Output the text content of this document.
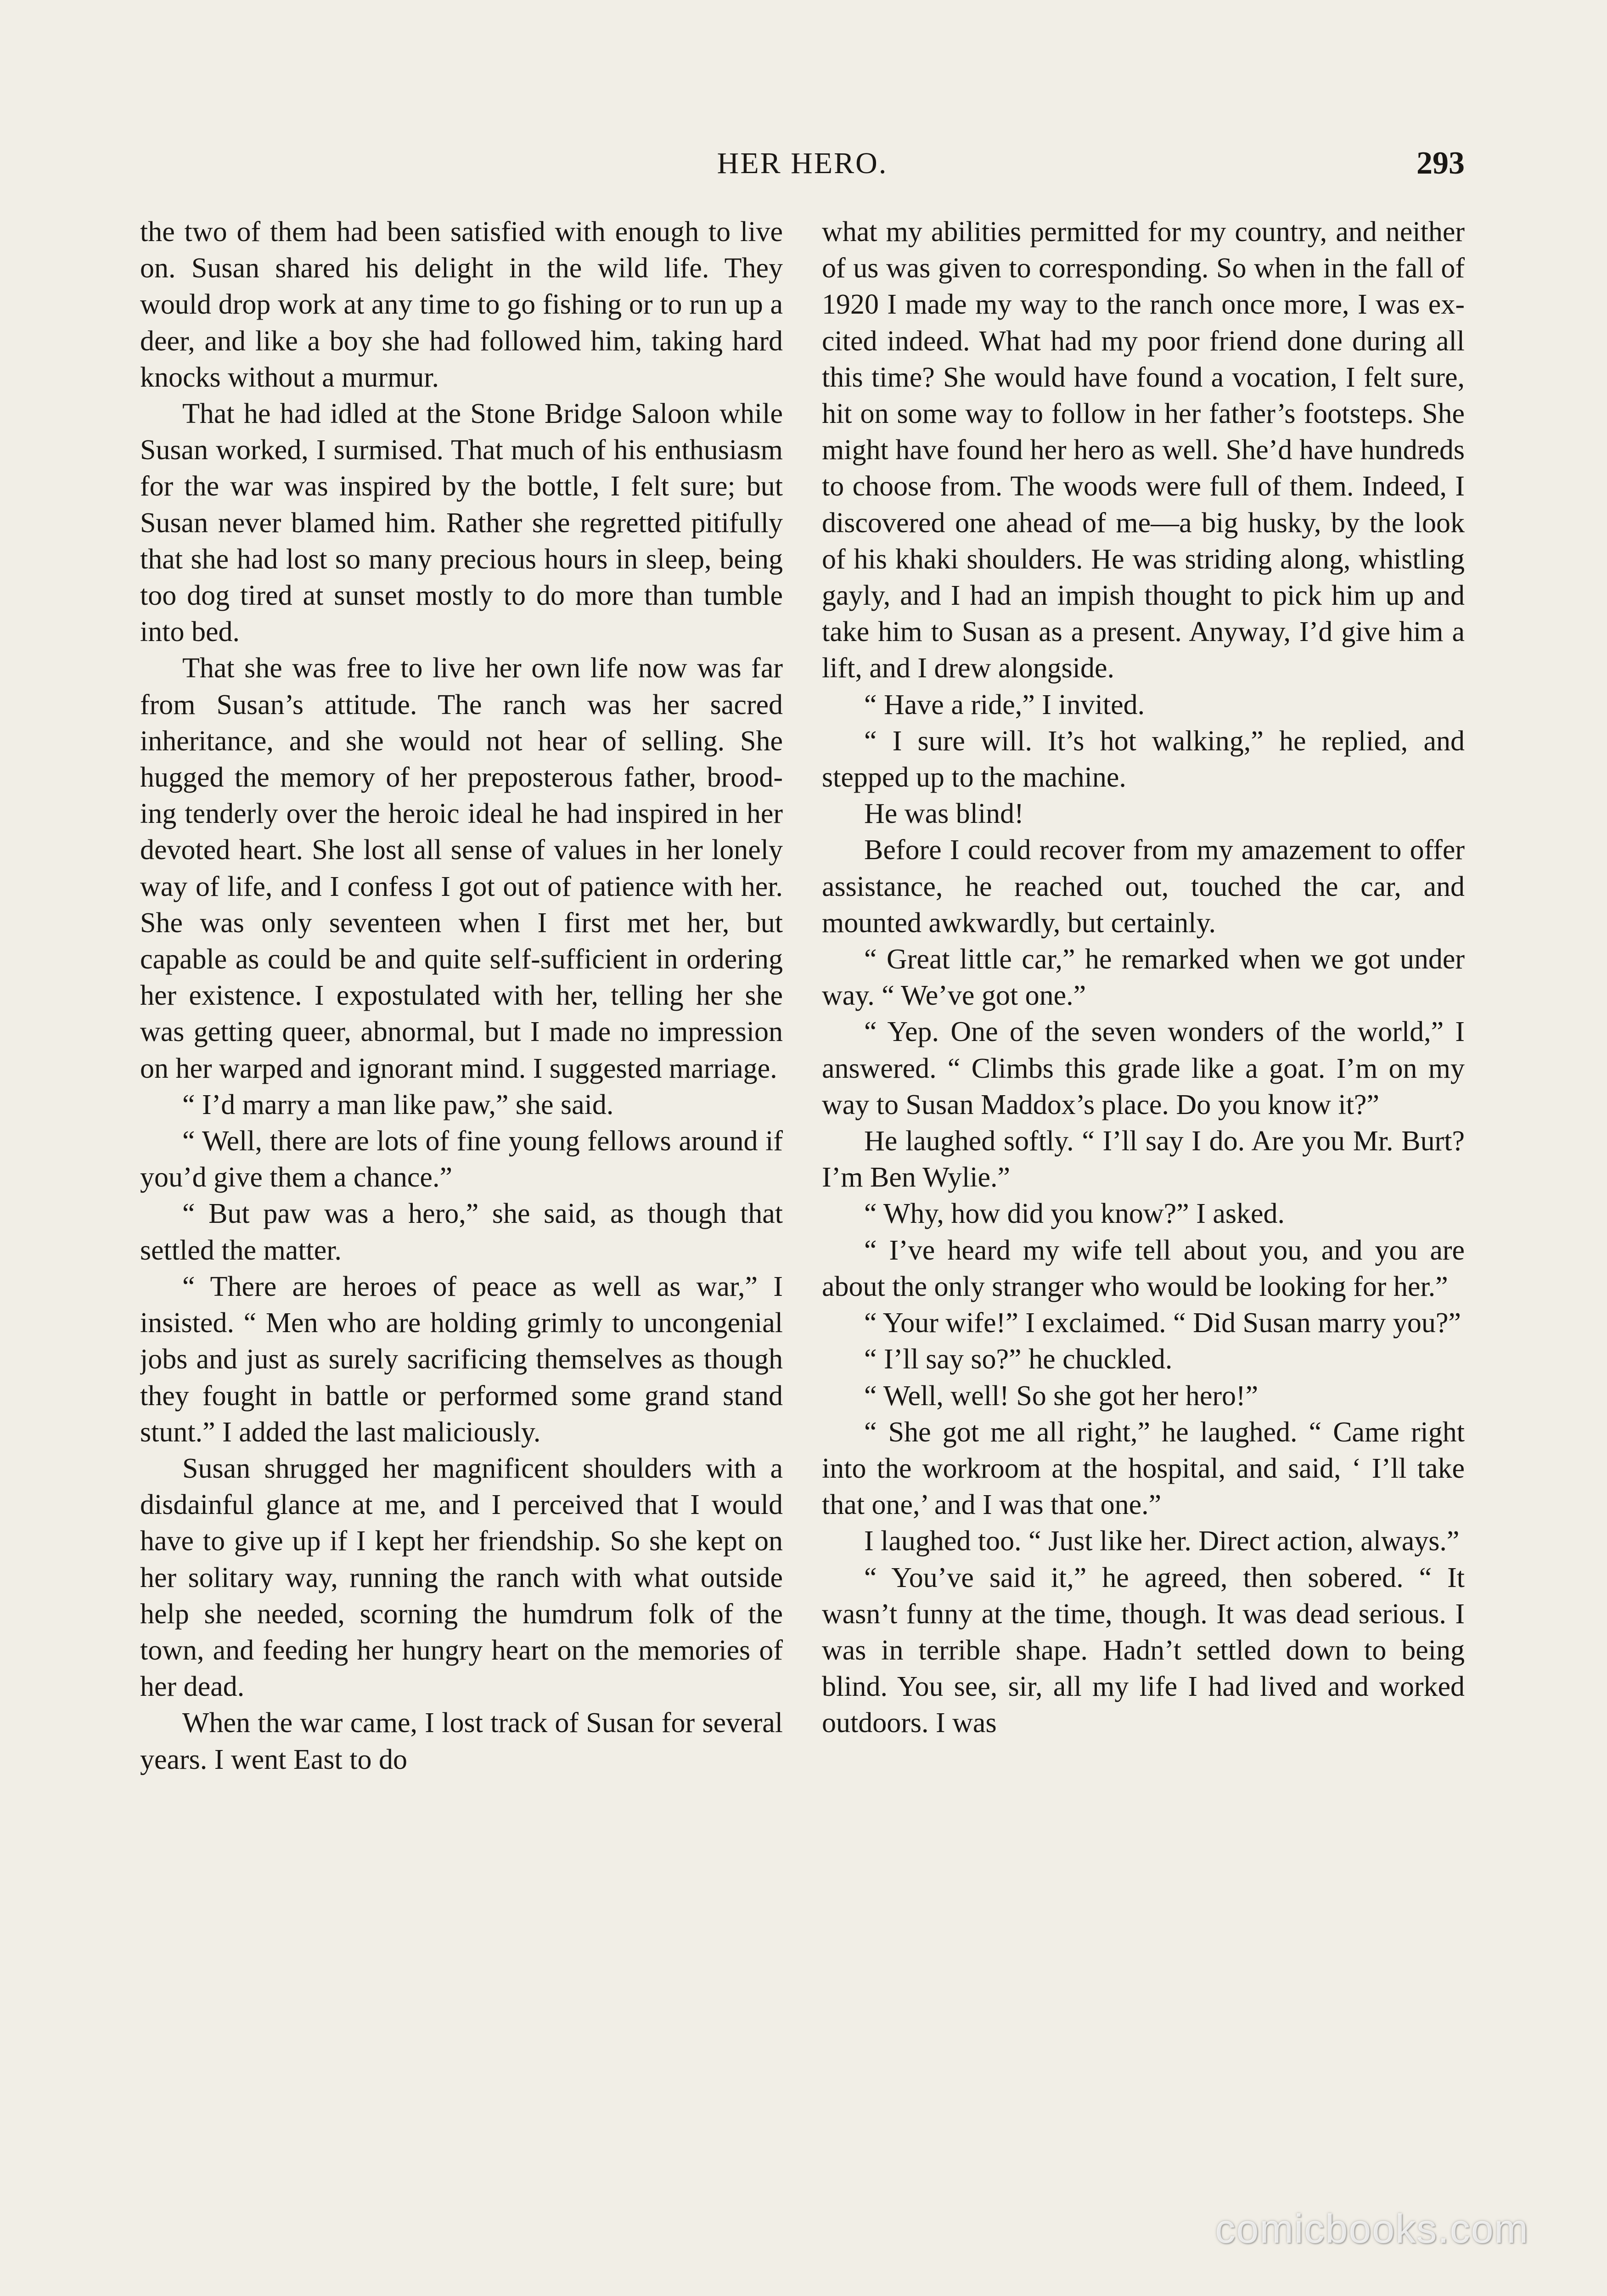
HER HERO.	293

the two of them had been satisfied with enough to live on. Susan shared his delight in the wild life. They would drop work at any time to go fishing or to run up a deer, and like a boy she had followed him, taking hard knocks without a murmur.

That he had idled at the Stone Bridge Saloon while Susan worked, I surmised. That much of his enthusiasm for the war was inspired by the bottle, I felt sure; but Susan never blamed him. Rather she regretted pitifully that she had lost so many precious hours in sleep, being too dog tired at sunset mostly to do more than tumble into bed.

That she was free to live her own life now was far from Susan’s attitude. The ranch was her sacred inheritance, and she would not hear of selling. She hugged the memory of her preposterous father, brooding tenderly over the heroic ideal he had inspired in her devoted heart. She lost all sense of values in her lonely way of life, and I confess I got out of patience with her. She was only seventeen when I first met her, but capable as could be and quite self-sufficient in ordering her existence. I expostulated with her, telling her she was getting queer, abnormal, but I made no impression on her warped and ignorant mind. I suggested marriage.

“ I’d marry a man like paw,” she said.

“ Well, there are lots of fine young fellows around if you’d give them a chance.”

“ But paw was a hero,” she said, as though that settled the matter.

“ There are heroes of peace as well as war,” I insisted. “ Men who are holding grimly to uncongenial jobs and just as surely sacrificing themselves as though they fought in battle or performed some grand stand stunt.” I added the last maliciously.

Susan shrugged her magnificent shoulders with a disdainful glance at me, and I perceived that I would have to give up if I kept her friendship. So she kept on her solitary way, running the ranch with what outside help she needed, scorning the humdrum folk of the town, and feeding her hungry heart on the memories of her dead.

When the war came, I lost track of Susan for several years. I went East to do

what my abilities permitted for my country, and neither of us was given to corresponding. So when in the fall of 1920 I made my way to the ranch once more, I was excited indeed. What had my poor friend done during all this time? She would have found a vocation, I felt sure, hit on some way to follow in her father’s footsteps. She might have found her hero as well. She’d have hundreds to choose from. The woods were full of them. Indeed, I discovered one ahead of me—a big husky, by the look of his khaki shoulders. He was striding along, whistling gayly, and I had an impish thought to pick him up and take him to Susan as a present. Anyway, I’d give him a lift, and I drew alongside.

“ Have a ride,” I invited.

“ I sure will. It’s hot walking,” he replied, and stepped up to the machine.

He was blind!

Before I could recover from my amazement to offer assistance, he reached out, touched the car, and mounted awkwardly, but certainly.

“ Great little car,” he remarked when we got under way. “ We’ve got one.”

“ Yep. One of the seven wonders of the world,” I answered. “ Climbs this grade like a goat. I’m on my way to Susan Maddox’s place. Do you know it?”

He laughed softly. “ I’ll say I do. Are you Mr. Burt? I’m Ben Wylie.”

“ Why, how did you know?” I asked.

“ I’ve heard my wife tell about you, and you are about the only stranger who would be looking for her.”

“ Your wife!” I exclaimed. “ Did Susan marry you?”

“ I’ll say so?” he chuckled.

“ Well, well! So she got her hero!”

“ She got me all right,” he laughed. “ Came right into the workroom at the hospital, and said, ‘ I’ll take that one,’ and I was that one.”

I laughed too. “ Just like her. Direct action, always.”

“ You’ve said it,” he agreed, then sobered. “ It wasn’t funny at the time, though. It was dead serious. I was in terrible shape. Hadn’t settled down to being blind. You see, sir, all my life I had lived and worked outdoors. I was

comicbooks.com
